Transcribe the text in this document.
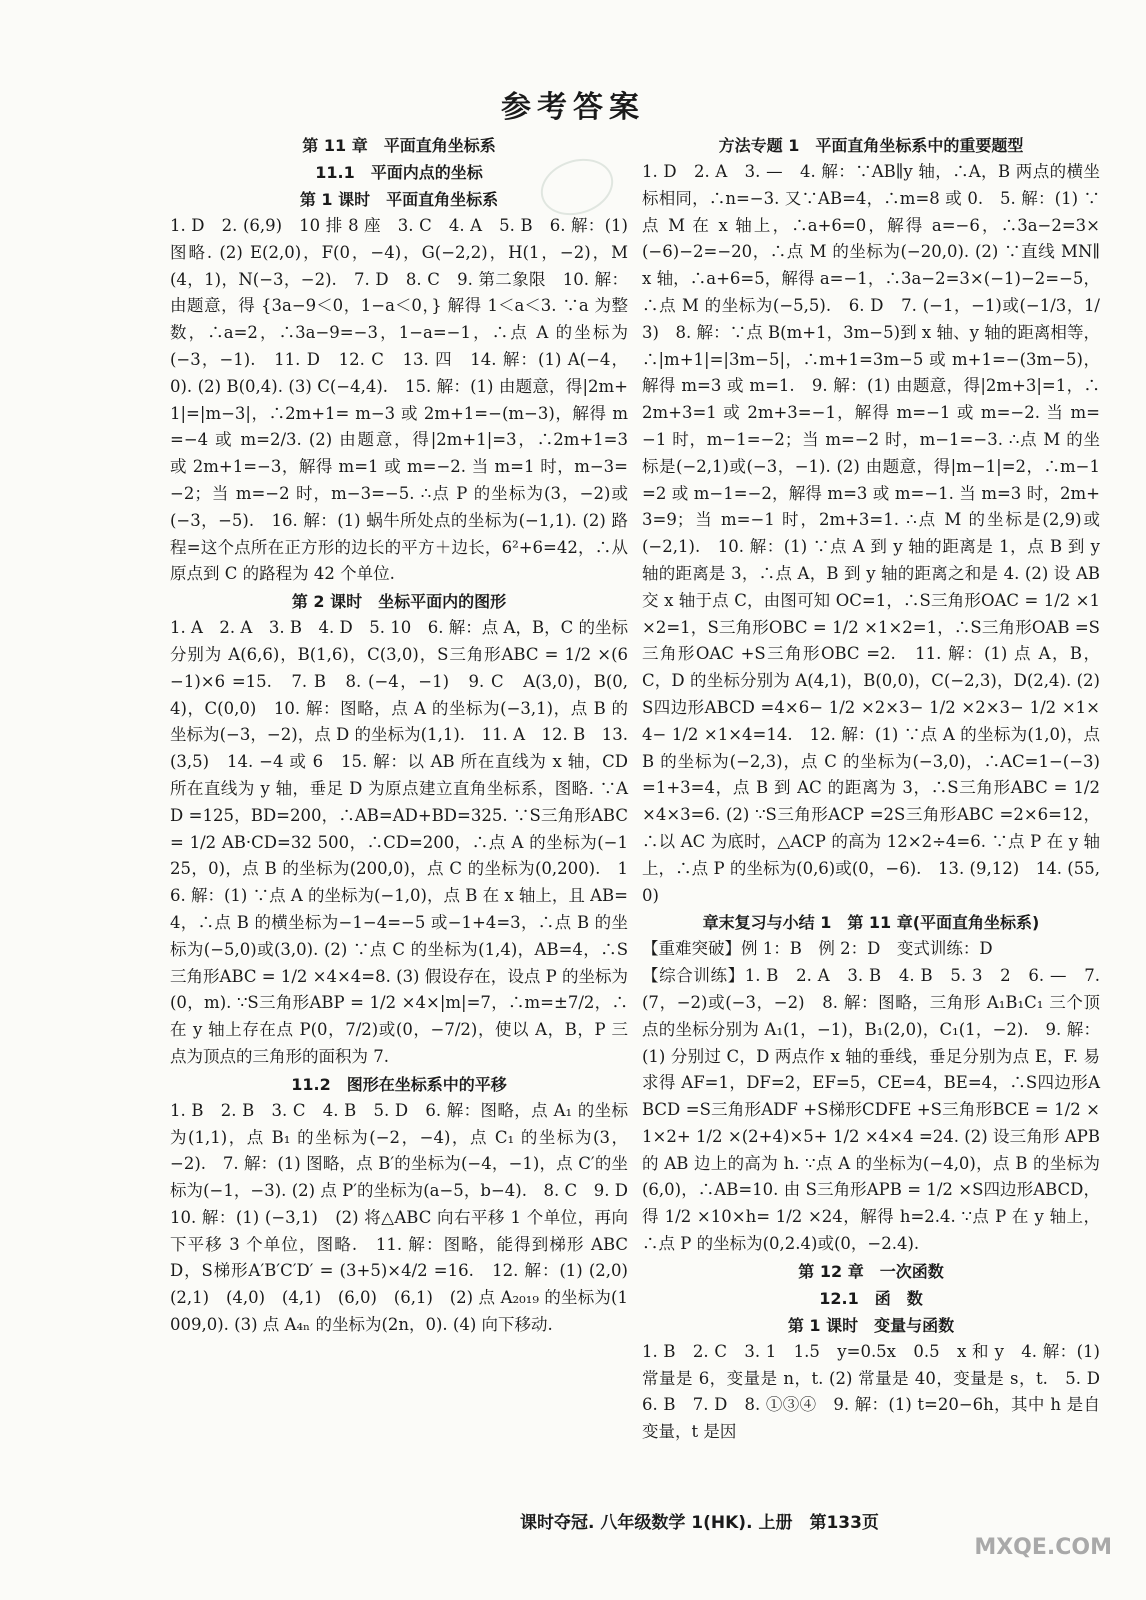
参考答案
第 11 章　平面直角坐标系
11.1　平面内点的坐标
第 1 课时　平面直角坐标系

1. D　2. (6,9)　10 排 8 座　3. C　4. A　5. B　6. 解：(1) 图略. (2) E(2,0)，F(0，−4)，G(−2,2)，H(1，−2)，M(4，1)，N(−3，−2).　7. D　8. C　9. 第二象限　10. 解：由题意，得 {3a−9＜0，1−a＜0，} 解得 1＜a＜3. ∵a 为整数，∴a=2，∴3a−9=−3，1−a=−1，∴点 A 的坐标为(−3，−1).　11. D　12. C　13. 四　14. 解：(1) A(−4，0). (2) B(0,4). (3) C(−4,4).　15. 解：(1) 由题意，得|2m+1|=|m−3|，∴2m+1= m−3 或 2m+1=−(m−3)，解得 m=−4 或 m=2/3. (2) 由题意，得|2m+1|=3，∴2m+1=3 或 2m+1=−3，解得 m=1 或 m=−2. 当 m=1 时，m−3=−2；当 m=−2 时，m−3=−5. ∴点 P 的坐标为(3，−2)或(−3，−5).　16. 解：(1) 蜗牛所处点的坐标为(−1,1). (2) 路程=这个点所在正方形的边长的平方＋边长，6²+6=42，∴从原点到 C 的路程为 42 个单位.

第 2 课时　坐标平面内的图形

1. A　2. A　3. B　4. D　5. 10　6. 解：点 A，B，C 的坐标分别为 A(6,6)，B(1,6)，C(3,0)，S三角形ABC = 1/2 ×(6−1)×6 =15.　7. B　8. (−4，−1)　9. C　A(3,0)，B(0,4)，C(0,0)　10. 解：图略，点 A 的坐标为(−3,1)，点 B 的坐标为(−3，−2)，点 D 的坐标为(1,1).　11. A　12. B　13. (3,5)　14. −4 或 6　15. 解：以 AB 所在直线为 x 轴，CD 所在直线为 y 轴，垂足 D 为原点建立直角坐标系，图略. ∵AD =125，BD=200，∴AB=AD+BD=325. ∵S三角形ABC = 1/2 AB·CD=32 500，∴CD=200，∴点 A 的坐标为(−125，0)，点 B 的坐标为(200,0)，点 C 的坐标为(0,200).　16. 解：(1) ∵点 A 的坐标为(−1,0)，点 B 在 x 轴上，且 AB=4，∴点 B 的横坐标为−1−4=−5 或−1+4=3，∴点 B 的坐标为(−5,0)或(3,0). (2) ∵点 C 的坐标为(1,4)，AB=4，∴S三角形ABC = 1/2 ×4×4=8. (3) 假设存在，设点 P 的坐标为(0，m). ∵S三角形ABP = 1/2 ×4×|m|=7，∴m=±7/2，∴在 y 轴上存在点 P(0，7/2)或(0，−7/2)，使以 A，B，P 三点为顶点的三角形的面积为 7.

11.2　图形在坐标系中的平移

1. B　2. B　3. C　4. B　5. D　6. 解：图略，点 A₁ 的坐标为(1,1)，点 B₁ 的坐标为(−2，−4)，点 C₁ 的坐标为(3，−2).　7. 解：(1) 图略，点 B′的坐标为(−4，−1)，点 C′的坐标为(−1，−3). (2) 点 P′的坐标为(a−5，b−4).　8. C　9. D　10. 解：(1) (−3,1)　(2) 将△ABC 向右平移 1 个单位，再向下平移 3 个单位，图略.　11. 解：图略，能得到梯形 ABCD，S梯形A′B′C′D′ = (3+5)×4/2 =16.　12. 解：(1) (2,0)　(2,1)　(4,0)　(4,1)　(6,0)　(6,1)　(2) 点 A₂₀₁₉ 的坐标为(1009,0). (3) 点 A₄ₙ 的坐标为(2n，0). (4) 向下移动.

方法专题 1　平面直角坐标系中的重要题型

1. D　2. A　3. —　4. 解：∵AB∥y 轴，∴A，B 两点的横坐标相同，∴n=−3. 又∵AB=4，∴m=8 或 0.　5. 解：(1) ∵点 M 在 x 轴上，∴a+6=0，解得 a=−6，∴3a−2=3×(−6)−2=−20，∴点 M 的坐标为(−20,0). (2) ∵直线 MN∥x 轴，∴a+6=5，解得 a=−1，∴3a−2=3×(−1)−2=−5，∴点 M 的坐标为(−5,5).　6. D　7. (−1，−1)或(−1/3，1/3)　8. 解：∵点 B(m+1，3m−5)到 x 轴、y 轴的距离相等，∴|m+1|=|3m−5|，∴m+1=3m−5 或 m+1=−(3m−5)，解得 m=3 或 m=1.　9. 解：(1) 由题意，得|2m+3|=1，∴2m+3=1 或 2m+3=−1，解得 m=−1 或 m=−2. 当 m=−1 时，m−1=−2；当 m=−2 时，m−1=−3. ∴点 M 的坐标是(−2,1)或(−3，−1). (2) 由题意，得|m−1|=2，∴m−1=2 或 m−1=−2，解得 m=3 或 m=−1. 当 m=3 时，2m+3=9；当 m=−1 时，2m+3=1. ∴点 M 的坐标是(2,9)或(−2,1).　10. 解：(1) ∵点 A 到 y 轴的距离是 1，点 B 到 y 轴的距离是 3，∴点 A，B 到 y 轴的距离之和是 4. (2) 设 AB 交 x 轴于点 C，由图可知 OC=1，∴S三角形OAC = 1/2 ×1×2=1，S三角形OBC = 1/2 ×1×2=1，∴S三角形OAB =S三角形OAC +S三角形OBC =2.　11. 解：(1) 点 A，B，C，D 的坐标分别为 A(4,1)，B(0,0)，C(−2,3)，D(2,4). (2) S四边形ABCD =4×6− 1/2 ×2×3− 1/2 ×2×3− 1/2 ×1×4− 1/2 ×1×4=14.　12. 解：(1) ∵点 A 的坐标为(1,0)，点 B 的坐标为(−2,3)，点 C 的坐标为(−3,0)，∴AC=1−(−3)=1+3=4，点 B 到 AC 的距离为 3，∴S三角形ABC = 1/2 ×4×3=6. (2) ∵S三角形ACP =2S三角形ABC =2×6=12，∴以 AC 为底时，△ACP 的高为 12×2÷4=6. ∵点 P 在 y 轴上，∴点 P 的坐标为(0,6)或(0，−6).　13. (9,12)　14. (55,0)

章末复习与小结 1　第 11 章(平面直角坐标系)

【重难突破】例 1：B　例 2：D　变式训练：D

【综合训练】1. B　2. A　3. B　4. B　5. 3　2　6. —　7. (7，−2)或(−3，−2)　8. 解：图略，三角形 A₁B₁C₁ 三个顶点的坐标分别为 A₁(1，−1)，B₁(2,0)，C₁(1，−2).　9. 解：(1) 分别过 C，D 两点作 x 轴的垂线，垂足分别为点 E，F. 易求得 AF=1，DF=2，EF=5，CE=4，BE=4，∴S四边形ABCD =S三角形ADF +S梯形CDFE +S三角形BCE = 1/2 ×1×2+ 1/2 ×(2+4)×5+ 1/2 ×4×4 =24. (2) 设三角形 APB 的 AB 边上的高为 h. ∵点 A 的坐标为(−4,0)，点 B 的坐标为(6,0)，∴AB=10. 由 S三角形APB = 1/2 ×S四边形ABCD，得 1/2 ×10×h= 1/2 ×24，解得 h=2.4. ∵点 P 在 y 轴上，∴点 P 的坐标为(0,2.4)或(0，−2.4).

第 12 章　一次函数
12.1　函　数
第 1 课时　变量与函数

1. B　2. C　3. 1　1.5　y=0.5x　0.5　x 和 y　4. 解：(1) 常量是 6，变量是 n，t. (2) 常量是 40，变量是 s，t.　5. D　6. B　7. D　8. ①③④　9. 解：(1) t=20−6h，其中 h 是自变量，t 是因

课时夺冠. 八年级数学 1(HK). 上册　第133页
MXQE.COM
